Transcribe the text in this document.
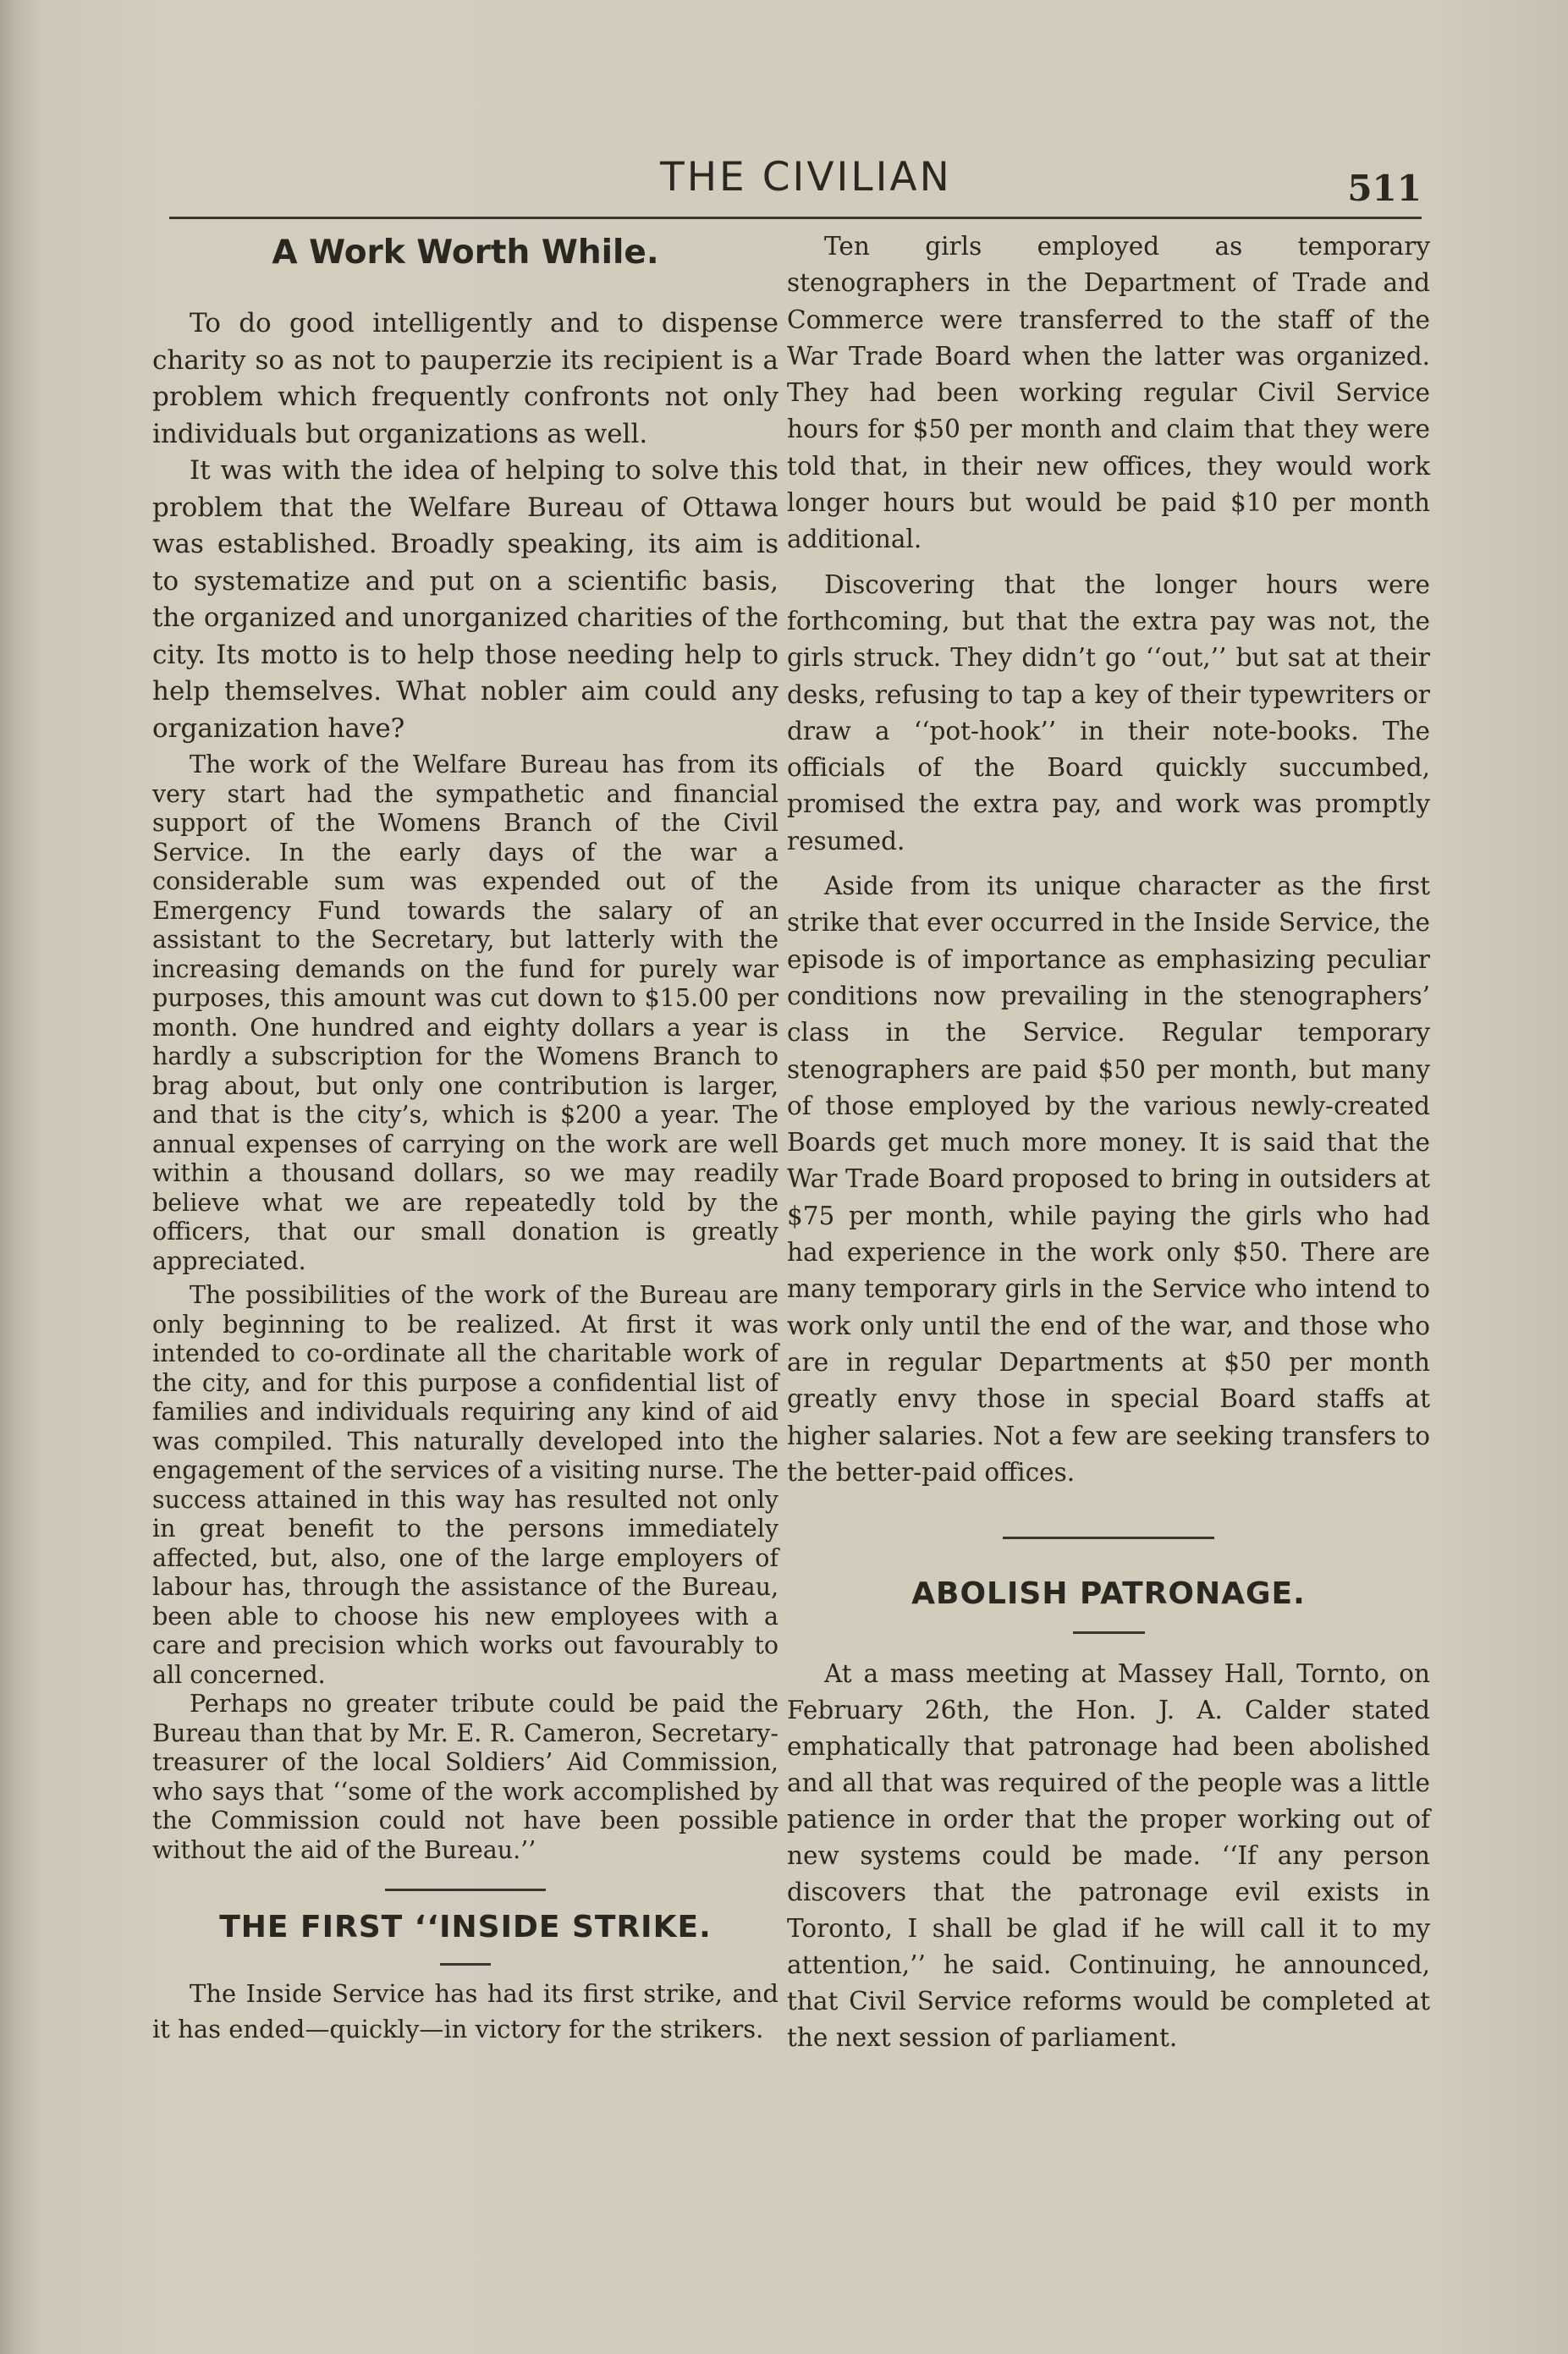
THE CIVILIAN	511
A Work Worth While.

To do good intelligently and to dispense charity so as not to pauperzie its recipient is a problem which frequently confronts not only individuals but organizations as well.

It was with the idea of helping to solve this problem that the Welfare Bureau of Ottawa was established. Broadly speaking, its aim is to systematize and put on a scientific basis, the organized and unorganized charities of the city. Its motto is to help those needing help to help themselves. What nobler aim could any organization have?

The work of the Welfare Bureau has from its very start had the sympathetic and financial support of the Womens Branch of the Civil Service. In the early days of the war a considerable sum was expended out of the Emergency Fund towards the salary of an assistant to the Secretary, but latterly with the increasing demands on the fund for purely war purposes, this amount was cut down to $15.00 per month. One hundred and eighty dollars a year is hardly a subscription for the Womens Branch to brag about, but only one contribution is larger, and that is the city’s, which is $200 a year. The annual expenses of carrying on the work are well within a thousand dollars, so we may readily believe what we are repeatedly told by the officers, that our small donation is greatly appreciated.

The possibilities of the work of the Bureau are only beginning to be realized. At first it was intended to co-ordinate all the charitable work of the city, and for this purpose a confidential list of families and individuals requiring any kind of aid was compiled. This naturally developed into the engagement of the services of a visiting nurse. The success attained in this way has resulted not only in great benefit to the persons immediately affected, but, also, one of the large employers of labour has, through the assistance of the Bureau, been able to choose his new employees with a care and precision which works out favourably to all concerned.

Perhaps no greater tribute could be paid the Bureau than that by Mr. E. R. Cameron, Secretary-treasurer of the local Soldiers’ Aid Commission, who says that ‘‘some of the work accomplished by the Commission could not have been possible without the aid of the Bureau.’’

THE FIRST ‘‘INSIDE STRIKE.

The Inside Service has had its first strike, and it has ended—quickly—in victory for the strikers.

Ten girls employed as temporary stenographers in the Department of Trade and Commerce were transferred to the staff of the War Trade Board when the latter was organized. They had been working regular Civil Service hours for $50 per month and claim that they were told that, in their new offices, they would work longer hours but would be paid $10 per month additional.

Discovering that the longer hours were forthcoming, but that the extra pay was not, the girls struck. They didn’t go ‘‘out,’’ but sat at their desks, refusing to tap a key of their typewriters or draw a ‘‘pot-hook’’ in their note-books. The officials of the Board quickly succumbed, promised the extra pay, and work was promptly resumed.

Aside from its unique character as the first strike that ever occurred in the Inside Service, the episode is of importance as emphasizing peculiar conditions now prevailing in the stenographers’ class in the Service. Regular temporary stenographers are paid $50 per month, but many of those employed by the various newly-created Boards get much more money. It is said that the War Trade Board proposed to bring in outsiders at $75 per month, while paying the girls who had had experience in the work only $50. There are many temporary girls in the Service who intend to work only until the end of the war, and those who are in regular Departments at $50 per month greatly envy those in special Board staffs at higher salaries. Not a few are seeking transfers to the better-paid offices.

ABOLISH PATRONAGE.

At a mass meeting at Massey Hall, Tornto, on February 26th, the Hon. J. A. Calder stated emphatically that patronage had been abolished and all that was required of the people was a little patience in order that the proper working out of new systems could be made. ‘‘If any person discovers that the patronage evil exists in Toronto, I shall be glad if he will call it to my attention,’’ he said. Continuing, he announced, that Civil Service reforms would be completed at the next session of parliament.
